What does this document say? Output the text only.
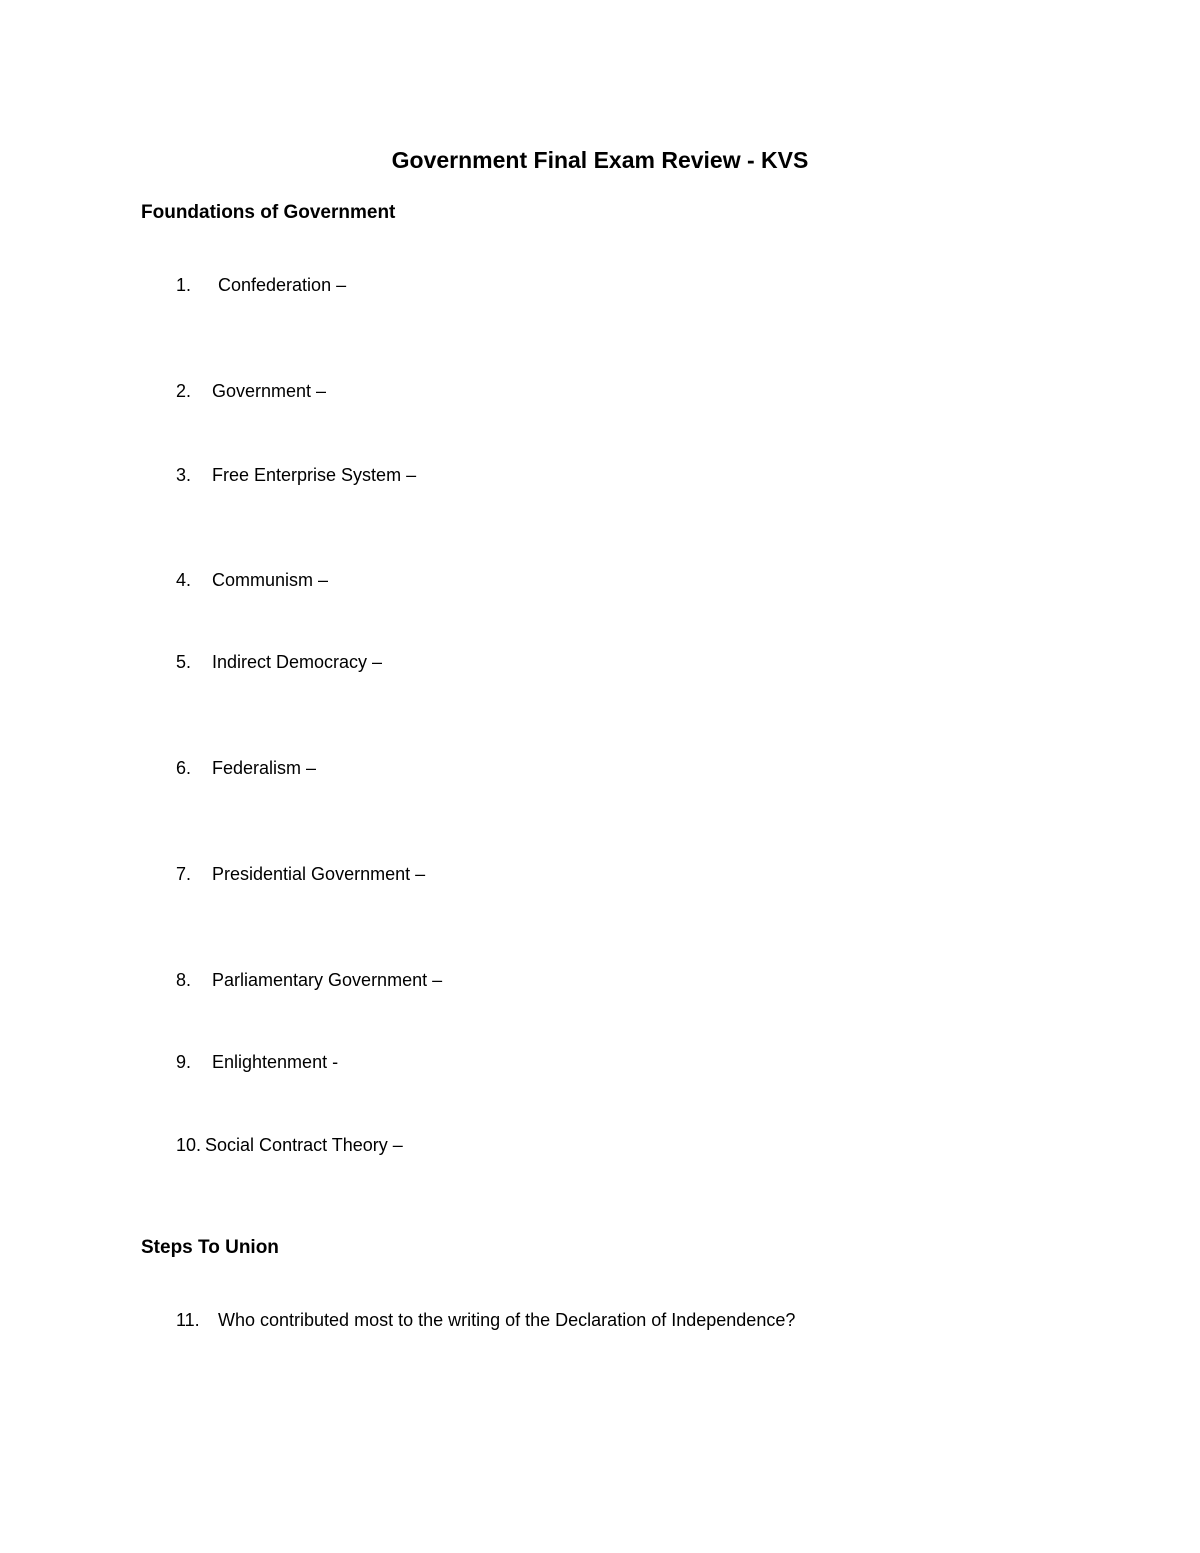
Government Final Exam Review - KVS
Foundations of Government
1. Confederation –
2. Government –
3. Free Enterprise System –
4. Communism –
5. Indirect Democracy –
6. Federalism –
7. Presidential Government –
8. Parliamentary Government –
9. Enlightenment -
10. Social Contract Theory –
Steps To Union
11. Who contributed most to the writing of the Declaration of Independence?
